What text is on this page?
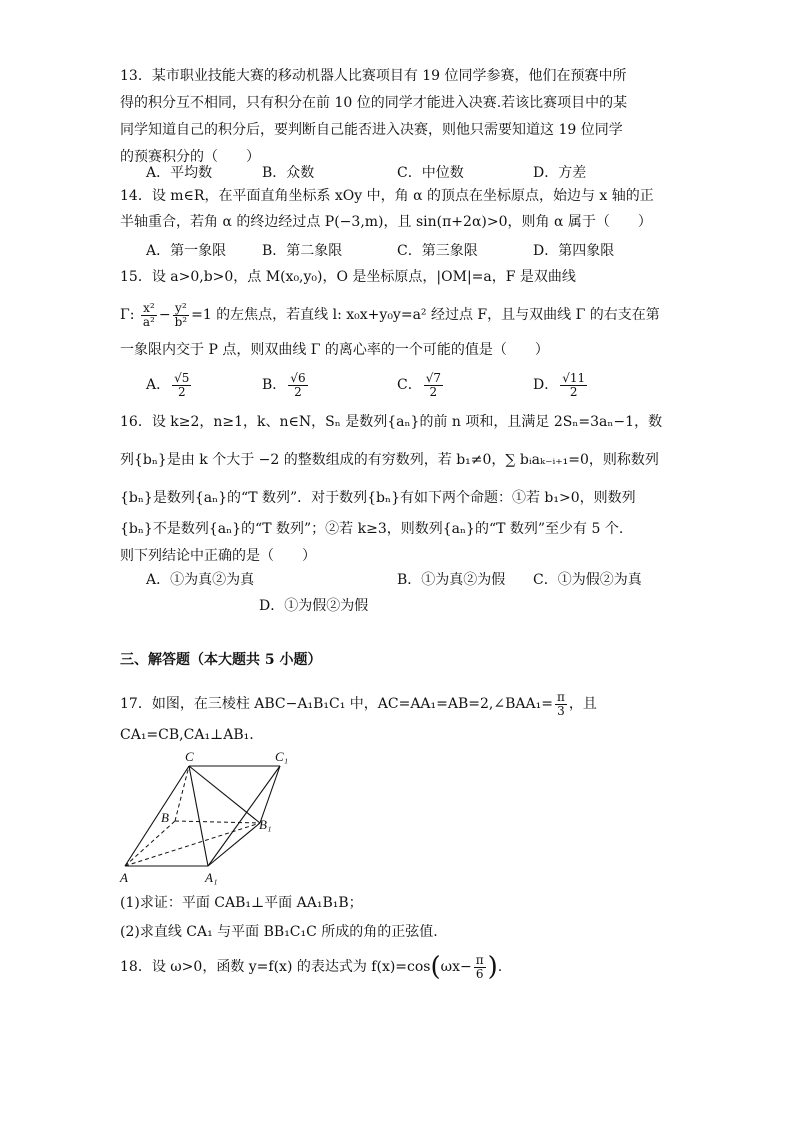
13．某市职业技能大赛的移动机器人比赛项目有 19 位同学参赛，他们在预赛中所
得的积分互不相同，只有积分在前 10 位的同学才能进入决赛.若该比赛项目中的某
同学知道自己的积分后，要判断自己能否进入决赛，则他只需要知道这 19 位同学
的预赛积分的（　　）
A．平均数	B．众数	C．中位数	D．方差
14．设 m∈R，在平面直角坐标系 xOy 中，角 α 的顶点在坐标原点，始边与 x 轴的正
半轴重合，若角 α 的终边经过点 P(−3,m)，且 sin(π+2α)>0，则角 α 属于（　　）
A．第一象限	B．第二象限	C．第三象限	D．第四象限
15．设 a>0,b>0，点 M(x₀,y₀)，O 是坐标原点，|OM|=a，F 是双曲线
Γ: $\frac{\text{x²}}{\text{a²}} - \frac{\text{y²}}{\text{b²}} =1$ 的左焦点，若直线 l: x₀x+y₀y=a² 经过点 F，且与双曲线 Γ 的右支在第
一象限内交于 P 点，则双曲线 Γ 的离心率的一个可能的值是（　　）
A． $\frac{√5}{2}$	B． $\frac{√6}{2}$	C． $\frac{√7}{2}$	D． $\frac{√11}{2}$
16．设 k≥2，n≥1，k、n∈N，Sₙ 是数列{aₙ}的前 n 项和，且满足 2Sₙ=3aₙ−1，数
列{bₙ}是由 k 个大于 −2 的整数组成的有穷数列，若 b₁≠0，∑ bᵢaₖ₋ᵢ₊₁=0，则称数列
{bₙ}是数列{aₙ}的“T 数列”．对于数列{bₙ}有如下两个命题：①若 b₁>0，则数列
{bₙ}不是数列{aₙ}的“T 数列”；②若 k≥3，则数列{aₙ}的“T 数列”至少有 5 个.
则下列结论中正确的是（　　）
A．①为真②为真	B．①为真②为假 C．①为假②为真
D．①为假②为假
三、解答题（本大题共 5 小题）
17．如图，在三棱柱 ABC−A₁B₁C₁ 中，AC=AA₁=AB=2,∠BAA₁= $\frac{\pi}{3}$ ，且
CA₁=CB,CA₁⊥AB₁.
C	C₁
B	B₁
A	A₁
(1)求证：平面 CAB₁⊥平面 AA₁B₁B；
(2)求直线 CA₁ 与平面 BB₁C₁C 所成的角的正弦值.
18．设 ω>0，函数 y=f(x) 的表达式为 $f(x)=\cos(\omega x- \frac{\pi}{6}$ ).
